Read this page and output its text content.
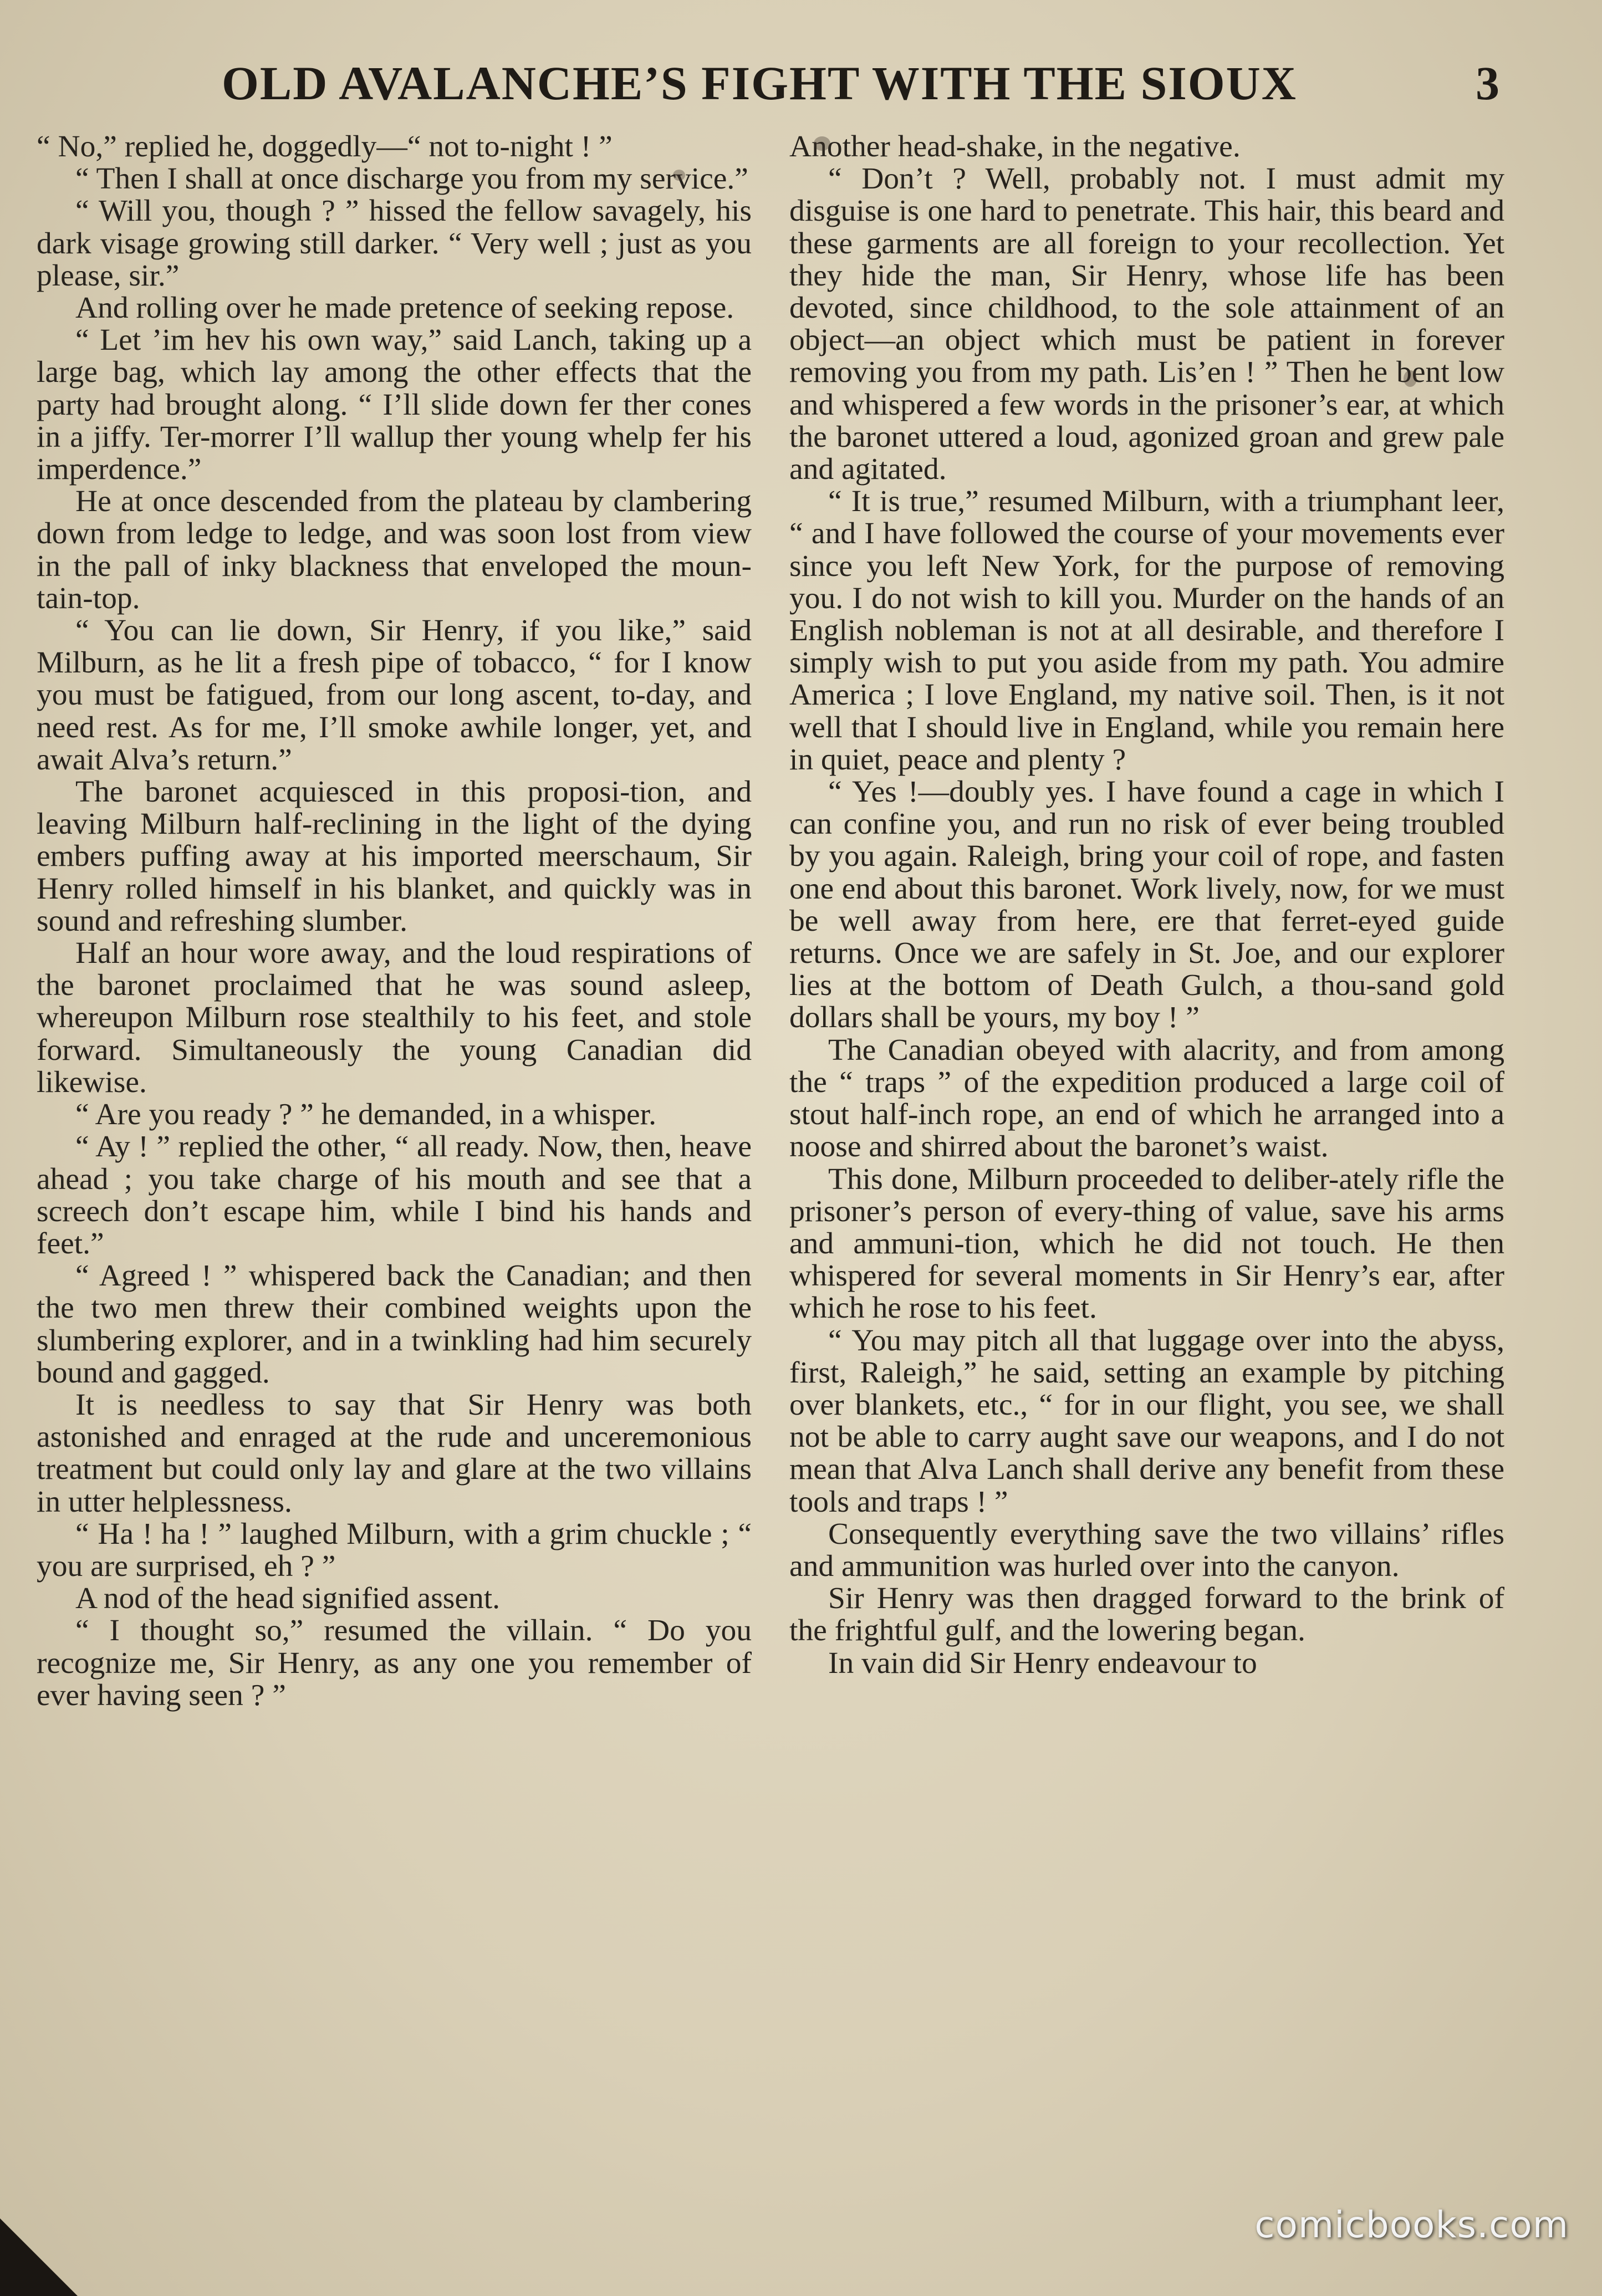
OLD AVALANCHE’S FIGHT WITH THE SIOUX	3

“ No,” replied he, doggedly—“ not to-night ! ”

“ Then I shall at once discharge you from my service.”

“ Will you, though ? ” hissed the fellow savagely, his dark visage growing still darker. “ Very well ; just as you please, sir.”

And rolling over he made pretence of seeking repose.

“ Let ’im hev his own way,” said Lanch, taking up a large bag, which lay among the other effects that the party had brought along. “ I’ll slide down fer ther cones in a jiffy. Ter-morrer I’ll wallup ther young whelp fer his imperdence.”

He at once descended from the plateau by clambering down from ledge to ledge, and was soon lost from view in the pall of inky blackness that enveloped the moun-tain-top.

“ You can lie down, Sir Henry, if you like,” said Milburn, as he lit a fresh pipe of tobacco, “ for I know you must be fatigued, from our long ascent, to-day, and need rest. As for me, I’ll smoke awhile longer, yet, and await Alva’s return.”

The baronet acquiesced in this proposi-tion, and leaving Milburn half-reclining in the light of the dying embers puffing away at his imported meerschaum, Sir Henry rolled himself in his blanket, and quickly was in sound and refreshing slumber.

Half an hour wore away, and the loud respirations of the baronet proclaimed that he was sound asleep, whereupon Milburn rose stealthily to his feet, and stole forward. Simultaneously the young Canadian did likewise.

“ Are you ready ? ” he demanded, in a whisper.

“ Ay ! ” replied the other, “ all ready. Now, then, heave ahead ; you take charge of his mouth and see that a screech don’t escape him, while I bind his hands and feet.”

“ Agreed ! ” whispered back the Canadian; and then the two men threw their combined weights upon the slumbering explorer, and in a twinkling had him securely bound and gagged.

It is needless to say that Sir Henry was both astonished and enraged at the rude and unceremonious treatment but could only lay and glare at the two villains in utter helplessness.

“ Ha ! ha ! ” laughed Milburn, with a grim chuckle ; “ you are surprised, eh ? ”

A nod of the head signified assent.

“ I thought so,” resumed the villain. “ Do you recognize me, Sir Henry, as any one you remember of ever having seen ? ”

Another head-shake, in the negative.

“ Don’t ? Well, probably not. I must admit my disguise is one hard to penetrate. This hair, this beard and these garments are all foreign to your recollection. Yet they hide the man, Sir Henry, whose life has been devoted, since childhood, to the sole attainment of an object—an object which must be patient in forever removing you from my path. Lis’en ! ” Then he bent low and whispered a few words in the prisoner’s ear, at which the baronet uttered a loud, agonized groan and grew pale and agitated.

“ It is true,” resumed Milburn, with a triumphant leer, “ and I have followed the course of your movements ever since you left New York, for the purpose of removing you. I do not wish to kill you. Murder on the hands of an English nobleman is not at all desirable, and therefore I simply wish to put you aside from my path. You admire America ; I love England, my native soil. Then, is it not well that I should live in England, while you remain here in quiet, peace and plenty ?

“ Yes !—doubly yes. I have found a cage in which I can confine you, and run no risk of ever being troubled by you again. Raleigh, bring your coil of rope, and fasten one end about this baronet. Work lively, now, for we must be well away from here, ere that ferret-eyed guide returns. Once we are safely in St. Joe, and our explorer lies at the bottom of Death Gulch, a thou-sand gold dollars shall be yours, my boy ! ”

The Canadian obeyed with alacrity, and from among the “ traps ” of the expedition produced a large coil of stout half-inch rope, an end of which he arranged into a noose and shirred about the baronet’s waist.

This done, Milburn proceeded to deliber-ately rifle the prisoner’s person of every-thing of value, save his arms and ammuni-tion, which he did not touch. He then whispered for several moments in Sir Henry’s ear, after which he rose to his feet.

“ You may pitch all that luggage over into the abyss, first, Raleigh,” he said, setting an example by pitching over blankets, etc., “ for in our flight, you see, we shall not be able to carry aught save our weapons, and I do not mean that Alva Lanch shall derive any benefit from these tools and traps ! ”

Consequently everything save the two villains’ rifles and ammunition was hurled over into the canyon.

Sir Henry was then dragged forward to the brink of the frightful gulf, and the lowering began.

In vain did Sir Henry endeavour to

comicbooks.com
